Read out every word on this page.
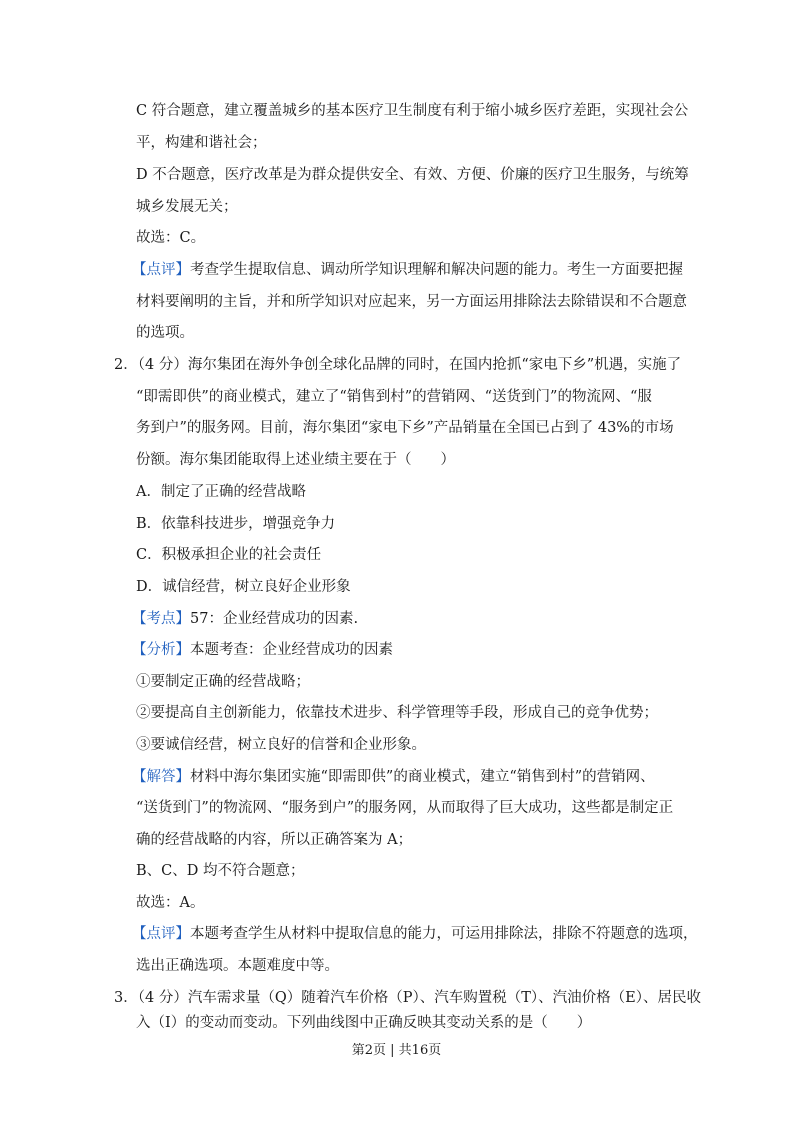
C 符合题意，建立覆盖城乡的基本医疗卫生制度有利于缩小城乡医疗差距，实现社会公
平，构建和谐社会；
D 不合题意，医疗改革是为群众提供安全、有效、方便、价廉的医疗卫生服务，与统筹
城乡发展无关；
故选：C。
【点评】考查学生提取信息、调动所学知识理解和解决问题的能力。考生一方面要把握
材料要阐明的主旨，并和所学知识对应起来，另一方面运用排除法去除错误和不合题意
的选项。
2．（4 分）海尔集团在海外争创全球化品牌的同时，在国内抢抓“家电下乡”机遇，实施了
“即需即供”的商业模式，建立了“销售到村”的营销网、“送货到门”的物流网、“服
务到户”的服务网。目前，海尔集团“家电下乡”产品销量在全国已占到了 43%的市场
份额。海尔集团能取得上述业绩主要在于（　　）
A．制定了正确的经营战略
B．依靠科技进步，增强竞争力
C．积极承担企业的社会责任
D．诚信经营，树立良好企业形象
【考点】57：企业经营成功的因素.
【分析】本题考查：企业经营成功的因素
①要制定正确的经营战略；
②要提高自主创新能力，依靠技术进步、科学管理等手段，形成自己的竞争优势；
③要诚信经营，树立良好的信誉和企业形象。
【解答】材料中海尔集团实施“即需即供”的商业模式，建立“销售到村”的营销网、
“送货到门”的物流网、“服务到户”的服务网，从而取得了巨大成功，这些都是制定正
确的经营战略的内容，所以正确答案为 A；
B、C、D 均不符合题意；
故选：A。
【点评】本题考查学生从材料中提取信息的能力，可运用排除法，排除不符题意的选项，
选出正确选项。本题难度中等。
3．（4 分）汽车需求量（Q）随着汽车价格（P）、汽车购置税（T）、汽油价格（E）、居民收
入（I）的变动而变动。下列曲线图中正确反映其变动关系的是（　　）
第2页 | 共16页
